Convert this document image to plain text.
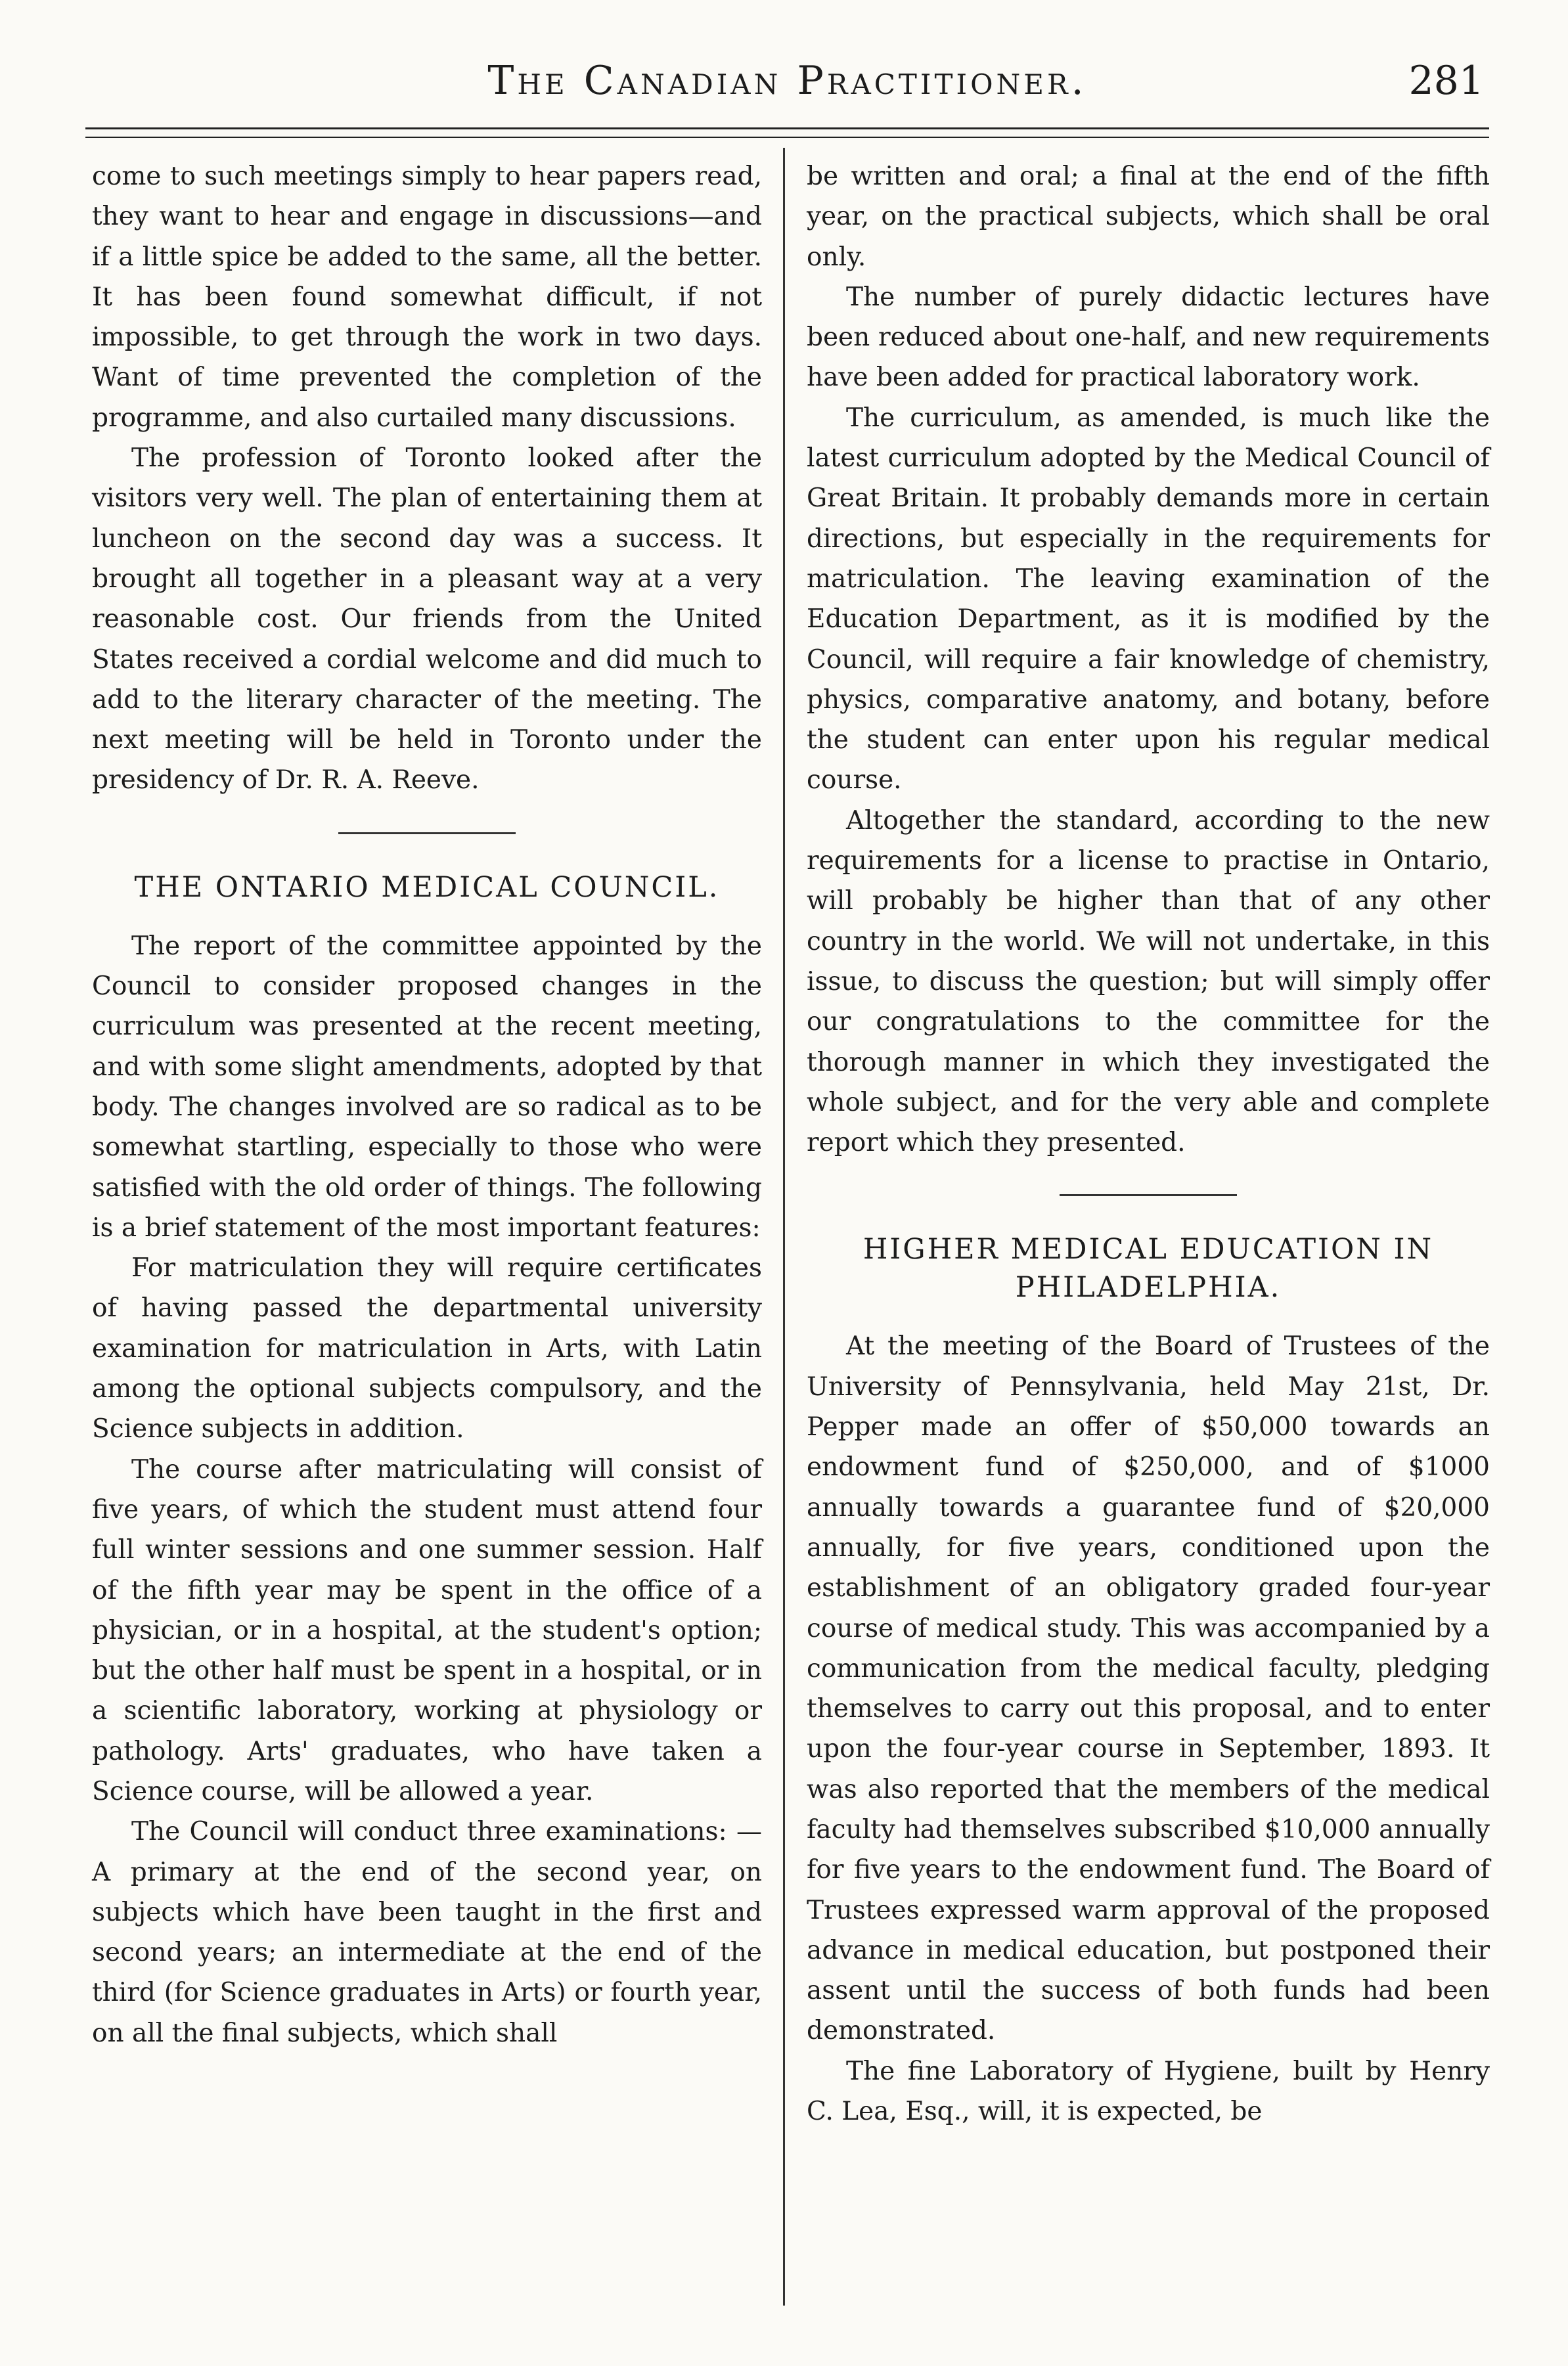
The Canadian Practitioner.	281

come to such meetings simply to hear papers read, they want to hear and engage in discussions—and if a little spice be added to the same, all the better. It has been found somewhat difficult, if not impossible, to get through the work in two days. Want of time prevented the completion of the programme, and also curtailed many discussions.

The profession of Toronto looked after the visitors very well. The plan of entertaining them at luncheon on the second day was a success. It brought all together in a pleasant way at a very reasonable cost. Our friends from the United States received a cordial welcome and did much to add to the literary character of the meeting. The next meeting will be held in Toronto under the presidency of Dr. R. A. Reeve.

THE ONTARIO MEDICAL COUNCIL.

The report of the committee appointed by the Council to consider proposed changes in the curriculum was presented at the recent meeting, and with some slight amendments, adopted by that body. The changes involved are so radical as to be somewhat startling, especially to those who were satisfied with the old order of things. The following is a brief statement of the most important features:

For matriculation they will require certificates of having passed the departmental university examination for matriculation in Arts, with Latin among the optional subjects compulsory, and the Science subjects in addition.

The course after matriculating will consist of five years, of which the student must attend four full winter sessions and one summer session. Half of the fifth year may be spent in the office of a physician, or in a hospital, at the student's option; but the other half must be spent in a hospital, or in a scientific laboratory, working at physiology or pathology. Arts' graduates, who have taken a Science course, will be allowed a year.

The Council will conduct three examinations: —A primary at the end of the second year, on subjects which have been taught in the first and second years; an intermediate at the end of the third (for Science graduates in Arts) or fourth year, on all the final subjects, which shall

be written and oral; a final at the end of the fifth year, on the practical subjects, which shall be oral only.

The number of purely didactic lectures have been reduced about one-half, and new requirements have been added for practical laboratory work.

The curriculum, as amended, is much like the latest curriculum adopted by the Medical Council of Great Britain. It probably demands more in certain directions, but especially in the requirements for matriculation. The leaving examination of the Education Department, as it is modified by the Council, will require a fair knowledge of chemistry, physics, comparative anatomy, and botany, before the student can enter upon his regular medical course.

Altogether the standard, according to the new requirements for a license to practise in Ontario, will probably be higher than that of any other country in the world. We will not undertake, in this issue, to discuss the question; but will simply offer our congratulations to the committee for the thorough manner in which they investigated the whole subject, and for the very able and complete report which they presented.

HIGHER MEDICAL EDUCATION IN
PHILADELPHIA.

At the meeting of the Board of Trustees of the University of Pennsylvania, held May 21st, Dr. Pepper made an offer of $50,000 towards an endowment fund of $250,000, and of $1000 annually towards a guarantee fund of $20,000 annually, for five years, conditioned upon the establishment of an obligatory graded four-year course of medical study. This was accompanied by a communication from the medical faculty, pledging themselves to carry out this proposal, and to enter upon the four-year course in September, 1893. It was also reported that the members of the medical faculty had themselves subscribed $10,000 annually for five years to the endowment fund. The Board of Trustees expressed warm approval of the proposed advance in medical education, but postponed their assent until the success of both funds had been demonstrated.

The fine Laboratory of Hygiene, built by Henry C. Lea, Esq., will, it is expected, be
